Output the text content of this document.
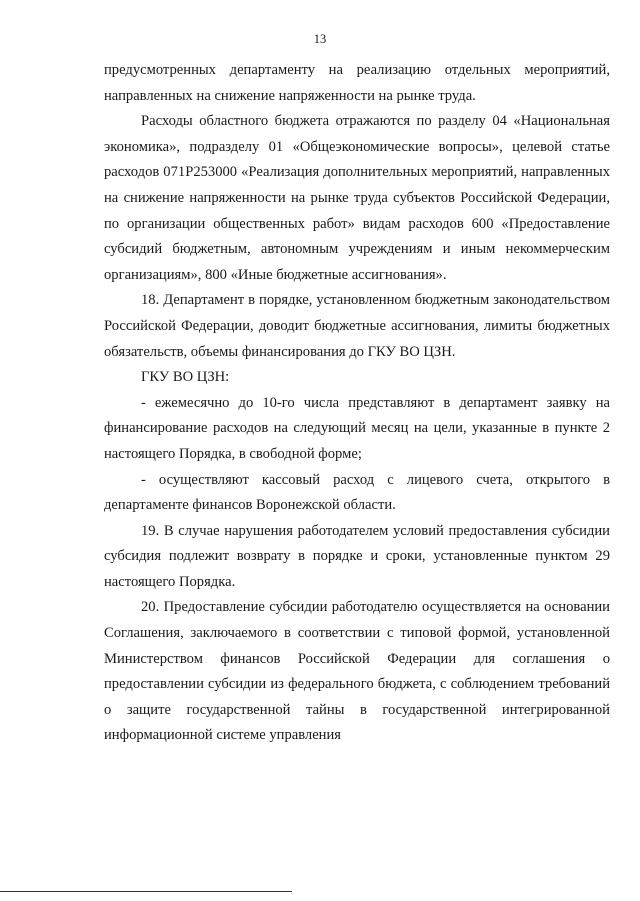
13

предусмотренных департаменту на реализацию отдельных мероприятий, направленных на снижение напряженности на рынке труда.

Расходы областного бюджета отражаются по разделу 04 «Национальная экономика», подразделу 01 «Общеэкономические вопросы», целевой статье расходов 071Р253000 «Реализация дополнительных мероприятий, направленных на снижение напряженности на рынке труда субъектов Российской Федерации, по организации общественных работ» видам расходов 600 «Предоставление субсидий бюджетным, автономным учреждениям и иным некоммерческим организациям», 800 «Иные бюджетные ассигнования».

18. Департамент в порядке, установленном бюджетным законодательством Российской Федерации, доводит бюджетные ассигнования, лимиты бюджетных обязательств, объемы финансирования до ГКУ ВО ЦЗН.

ГКУ ВО ЦЗН:

- ежемесячно до 10-го числа представляют в департамент заявку на финансирование расходов на следующий месяц на цели, указанные в пункте 2 настоящего Порядка, в свободной форме;

- осуществляют кассовый расход с лицевого счета, открытого в департаменте финансов Воронежской области.

19. В случае нарушения работодателем условий предоставления субсидии субсидия подлежит возврату в порядке и сроки, установленные пунктом 29 настоящего Порядка.

20. Предоставление субсидии работодателю осуществляется на основании Соглашения, заключаемого в соответствии с типовой формой, установленной Министерством финансов Российской Федерации для соглашения о предоставлении субсидии из федерального бюджета, с соблюдением требований о защите государственной тайны в государственной интегрированной информационной системе управления
